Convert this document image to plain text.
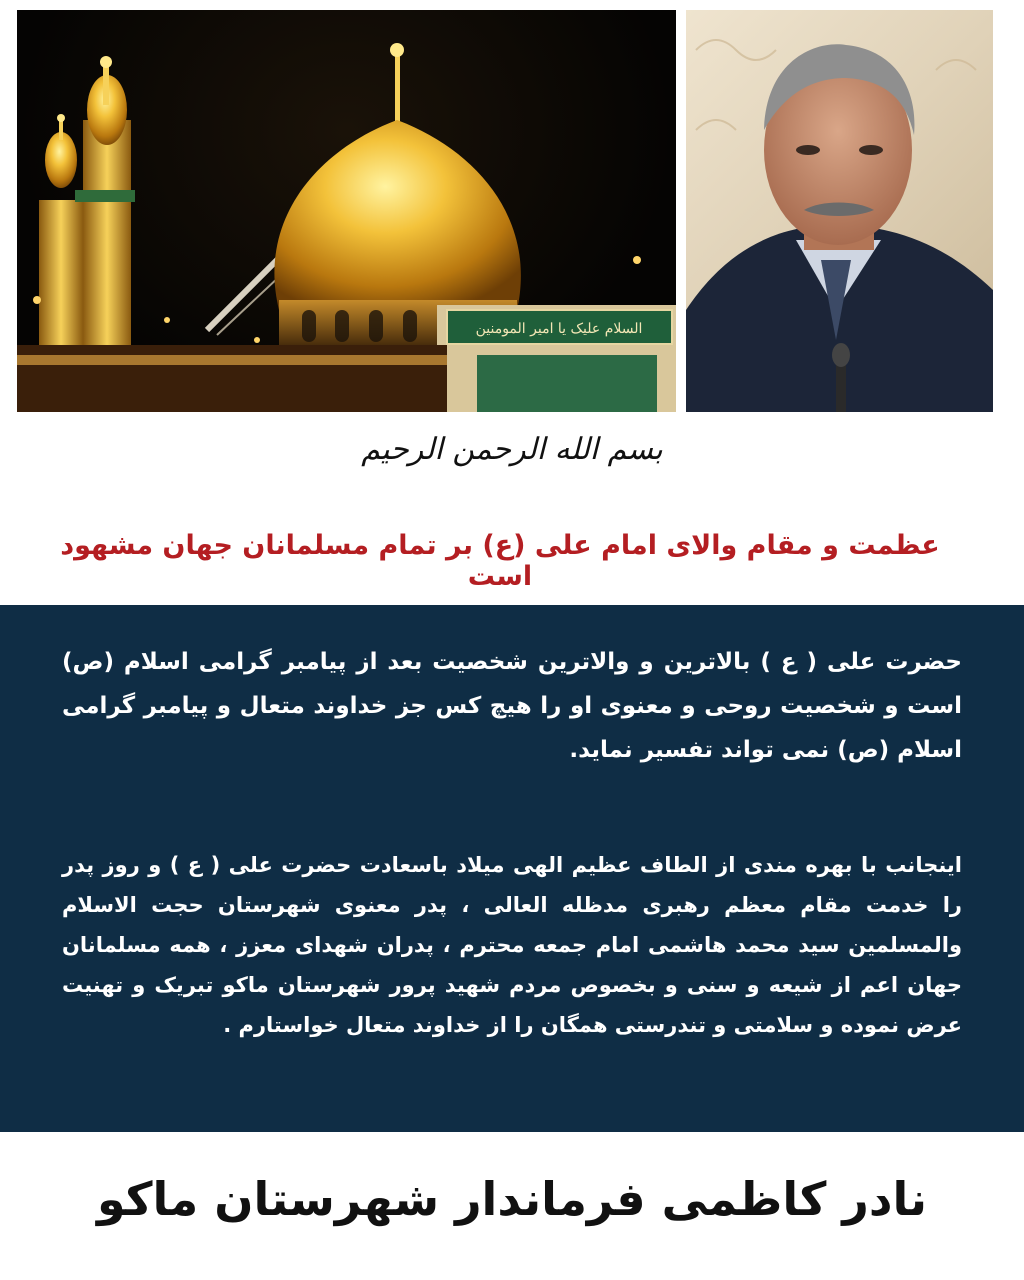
السلام علیک یا امیر المومنین
بسم الله الرحمن الرحیم
عظمت و مقام والای امام علی (ع) بر تمام مسلمانان جهان مشهود است
حضرت علی ( ع ) بالاترین و والاترین شخصیت بعد از پیامبر گرامی اسلام (ص) است و شخصیت روحی و معنوی او را هیچ کس جز خداوند متعال و پیامبر گرامی اسلام (ص) نمی تواند تفسیر نماید.
اینجانب با بهره مندی از الطاف عظیم الهی میلاد باسعادت حضرت علی ( ع ) و روز پدر را خدمت مقام معظم رهبری مدظله العالی ، پدر معنوی شهرستان حجت الاسلام والمسلمین سید محمد هاشمی امام جمعه محترم ، پدران شهدای معزز ، همه مسلمانان جهان اعم از شیعه و سنی و بخصوص مردم شهید پرور شهرستان ماکو تبریک و تهنیت عرض نموده و سلامتی و تندرستی همگان را از خداوند متعال خواستارم .
نادر کاظمی فرماندار شهرستان ماکو
